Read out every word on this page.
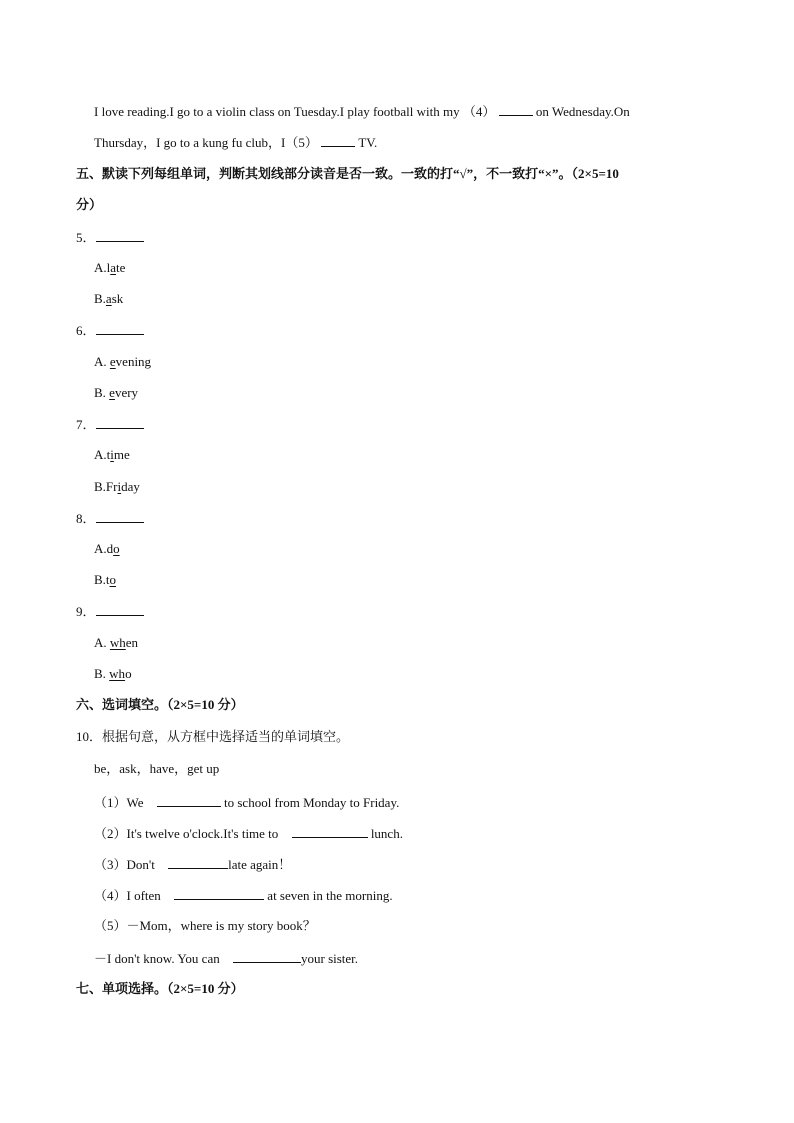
I love reading.I go to a violin class on Tuesday.I play football with my （4）	on Wednesday.On
Thursday，I go to a kung fu club，I（5）	TV.
五、默读下列每组单词，判断其划线部分读音是否一致。一致的打“√”，不一致打“×”。（2×5=10
分）
5．
A.late
B.ask
6．
A. evening
B. every
7．
A.time
B.Friday
8．
A.do
B.to
9．
A. when
B. who
六、选词填空。（2×5=10 分）
10．根据句意，从方框中选择适当的单词填空。
be，ask，have，get up
（1）We	to school from Monday to Friday.
（2）It's twelve o'clock.It's time to	lunch.
（3）Don't	late again！
（4）I often	at seven in the morning.
（5）－Mom，where is my story book？
－I don't know. You can	your sister.
七、单项选择。（2×5=10 分）
